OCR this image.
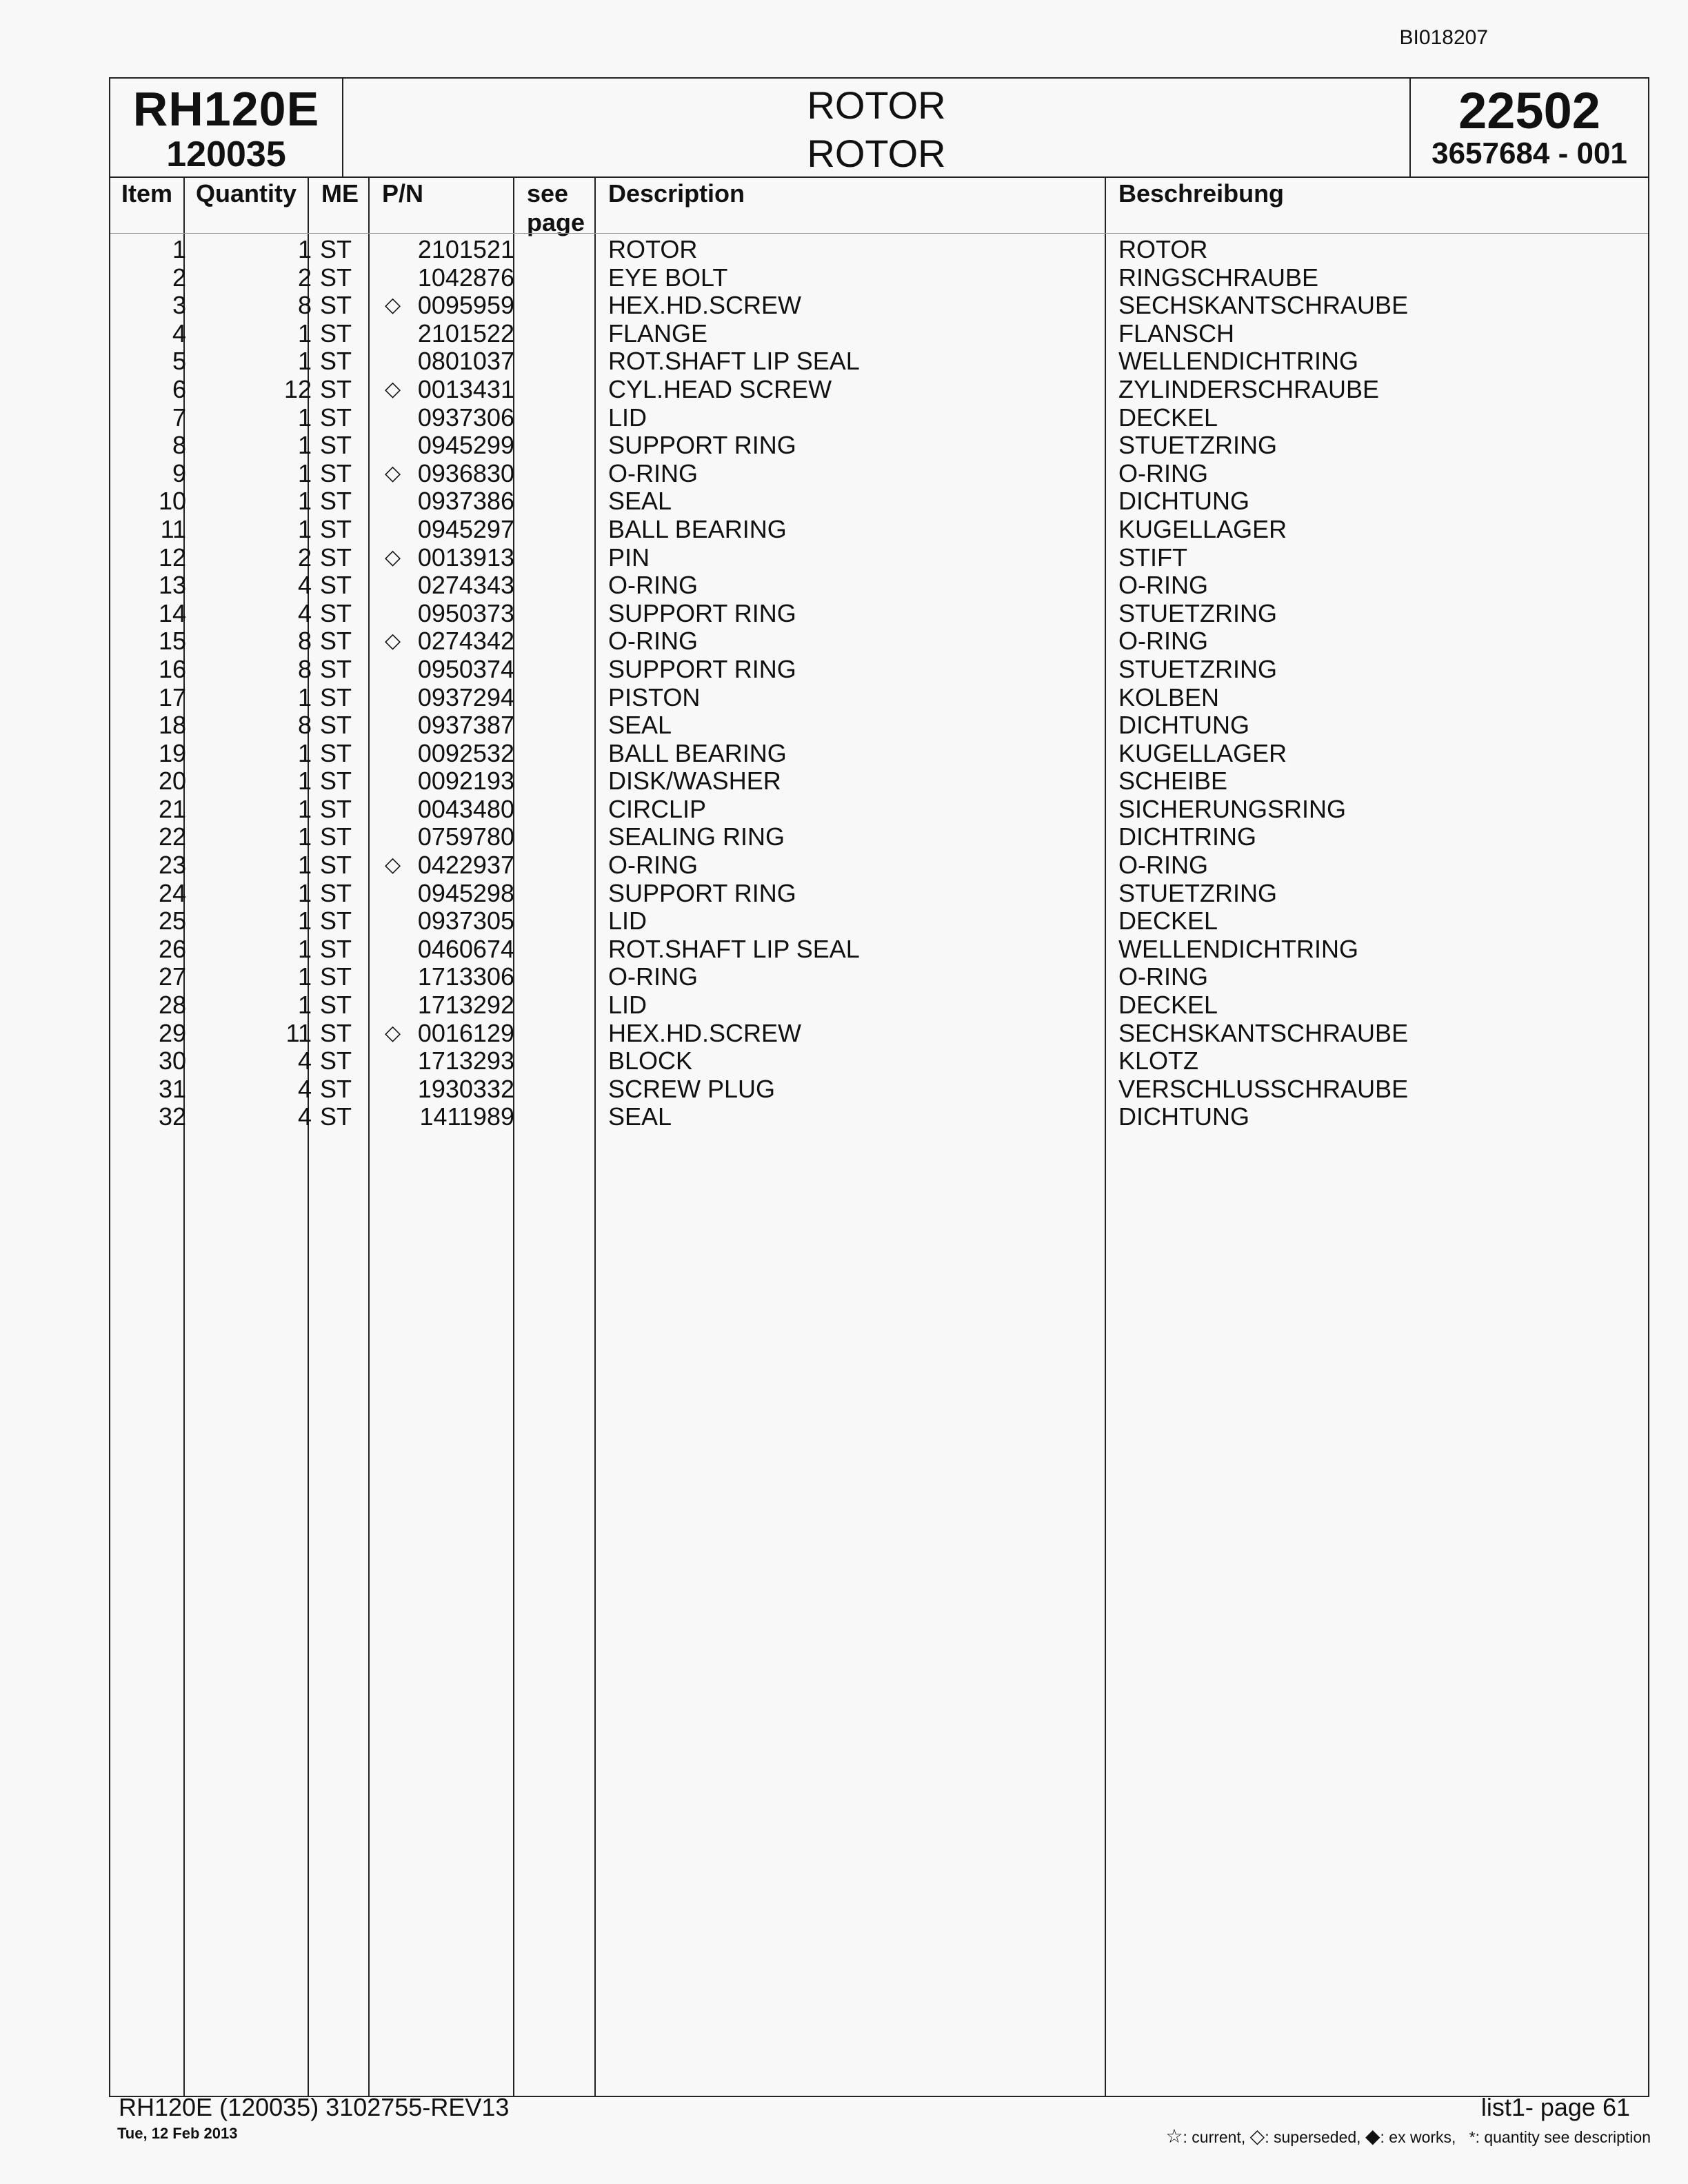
BI018207
RH120E
120035
ROTOR
ROTOR
22502
3657684 - 001
Item Quantity ME P/N	see
page
Description	Beschreibung
1	1 ST	2101521	ROTOR	ROTOR
2	2 ST	1042876	EYE BOLT	RINGSCHRAUBE
3	8 ST ◇ 0095959	HEX.HD.SCREW	SECHSKANTSCHRAUBE
4	1 ST	2101522	FLANGE	FLANSCH
5	1 ST	0801037	ROT.SHAFT LIP SEAL	WELLENDICHTRING
6	12 ST ◇ 0013431	CYL.HEAD SCREW	ZYLINDERSCHRAUBE
7	1 ST	0937306	LID	DECKEL
8	1 ST	0945299	SUPPORT RING	STUETZRING
9	1 ST ◇ 0936830	O-RING	O-RING
10	1 ST	0937386	SEAL	DICHTUNG
11	1 ST	0945297	BALL BEARING	KUGELLAGER
12	2 ST ◇ 0013913	PIN	STIFT
13	4 ST	0274343	O-RING	O-RING
14	4 ST	0950373	SUPPORT RING	STUETZRING
15	8 ST ◇ 0274342	O-RING	O-RING
16	8 ST	0950374	SUPPORT RING	STUETZRING
17	1 ST	0937294	PISTON	KOLBEN
18	8 ST	0937387	SEAL	DICHTUNG
19	1 ST	0092532	BALL BEARING	KUGELLAGER
20	1 ST	0092193	DISK/WASHER	SCHEIBE
21	1 ST	0043480	CIRCLIP	SICHERUNGSRING
22	1 ST	0759780	SEALING RING	DICHTRING
23	1 ST ◇ 0422937	O-RING	O-RING
24	1 ST	0945298	SUPPORT RING	STUETZRING
25	1 ST	0937305	LID	DECKEL
26	1 ST	0460674	ROT.SHAFT LIP SEAL	WELLENDICHTRING
27	1 ST	1713306	O-RING	O-RING
28	1 ST	1713292	LID	DECKEL
29	11 ST ◇ 0016129	HEX.HD.SCREW	SECHSKANTSCHRAUBE
30	4 ST	1713293	BLOCK	KLOTZ
31	4 ST	1930332	SCREW PLUG	VERSCHLUSSCHRAUBE
32	4 ST	1411989	SEAL	DICHTUNG
RH120E (120035) 3102755-REV13
Tue, 12 Feb 2013
list1- page 61
☆: current, ◇: superseded, ◆: ex works, *: quantity see description
